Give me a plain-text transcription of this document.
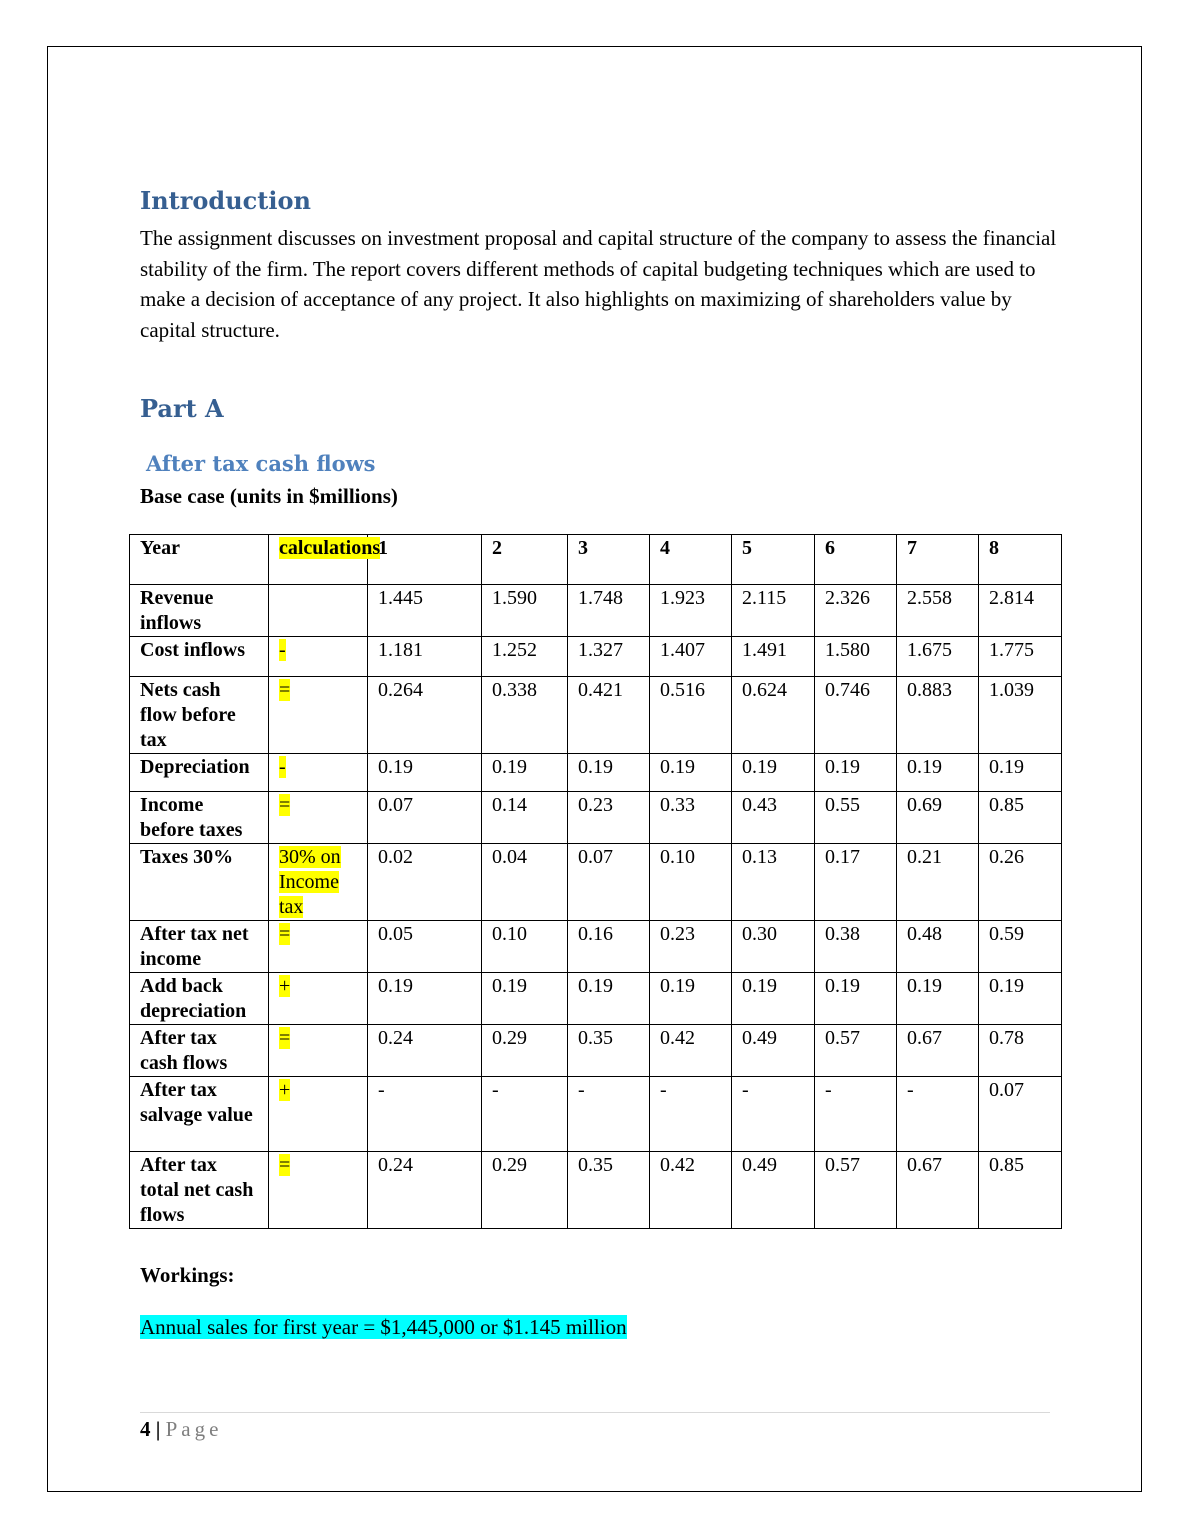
Introduction

The assignment discusses on investment proposal and capital structure of the company to assess the financial stability of the firm. The report covers different methods of capital budgeting techniques which are used to make a decision of acceptance of any project. It also highlights on maximizing of shareholders value by capital structure.

Part A
After tax cash flows

Base case (units in $millions)

Year	calculations	1	2	3	4	5	6	7	8
Revenue inflows		1.445	1.590	1.748	1.923	2.115	2.326	2.558	2.814
Cost inflows	-	1.181	1.252	1.327	1.407	1.491	1.580	1.675	1.775
Nets cash flow before tax	=	0.264	0.338	0.421	0.516	0.624	0.746	0.883	1.039
Depreciation	-	0.19	0.19	0.19	0.19	0.19	0.19	0.19	0.19
Income before taxes	=	0.07	0.14	0.23	0.33	0.43	0.55	0.69	0.85
Taxes 30%	30% on Income tax	0.02	0.04	0.07	0.10	0.13	0.17	0.21	0.26
After tax net income	=	0.05	0.10	0.16	0.23	0.30	0.38	0.48	0.59
Add back depreciation	+	0.19	0.19	0.19	0.19	0.19	0.19	0.19	0.19
After tax cash flows	=	0.24	0.29	0.35	0.42	0.49	0.57	0.67	0.78
After tax salvage value	+	-	-	-	-	-	-	-	0.07
After tax total net cash flows	=	0.24	0.29	0.35	0.42	0.49	0.57	0.67	0.85

Workings:

Annual sales for first year = $1,445,000 or $1.145 million

4 | Page
